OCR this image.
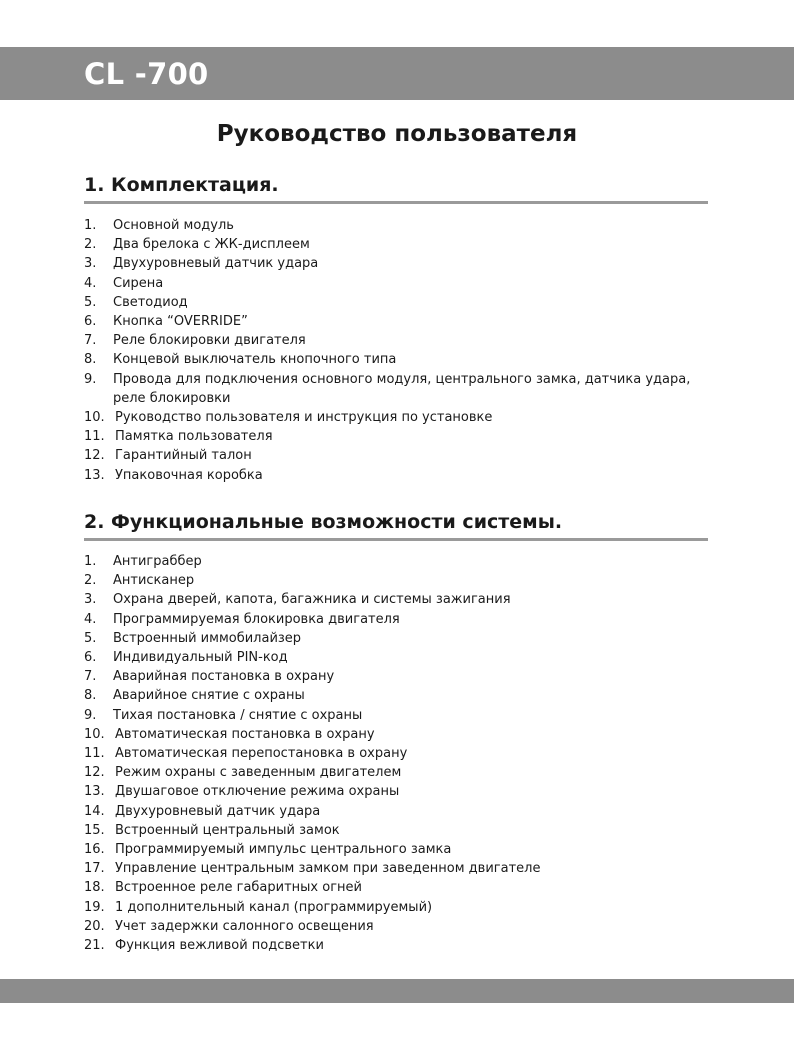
CL -700
Руководство пользователя
1. Комплектация.
1.	Основной модуль
2.	Два брелока с ЖК-дисплеем
3.	Двухуровневый датчик удара
4.	Сирена
5.	Светодиод
6.	Кнопка “OVERRIDE”
7.	Реле блокировки двигателя
8.	Концевой выключатель кнопочного типа
9.	Провода для подключения основного модуля, центрального замка, датчика удара, реле блокировки
10. Руководство пользователя и инструкция по установке
11. Памятка пользователя
12. Гарантийный талон
13. Упаковочная коробка
2. Функциональные возможности системы.
1.	Антиграббер
2.	Антисканер
3.	Охрана дверей, капота, багажника и системы зажигания
4.	Программируемая блокировка двигателя
5.	Встроенный иммобилайзер
6.	Индивидуальный PIN-код
7.	Аварийная постановка в охрану
8.	Аварийное снятие с охраны
9.	Тихая постановка / снятие с охраны
10. Автоматическая постановка в охрану
11. Автоматическая перепостановка в охрану
12. Режим охраны с заведенным двигателем
13. Двушаговое отключение режима охраны
14. Двухуровневый датчик удара
15. Встроенный центральный замок
16. Программируемый импульс центрального замка
17. Управление центральным замком при заведенном двигателе
18. Встроенное реле габаритных огней
19. 1 дополнительный канал (программируемый)
20. Учет задержки салонного освещения
21. Функция вежливой подсветки
